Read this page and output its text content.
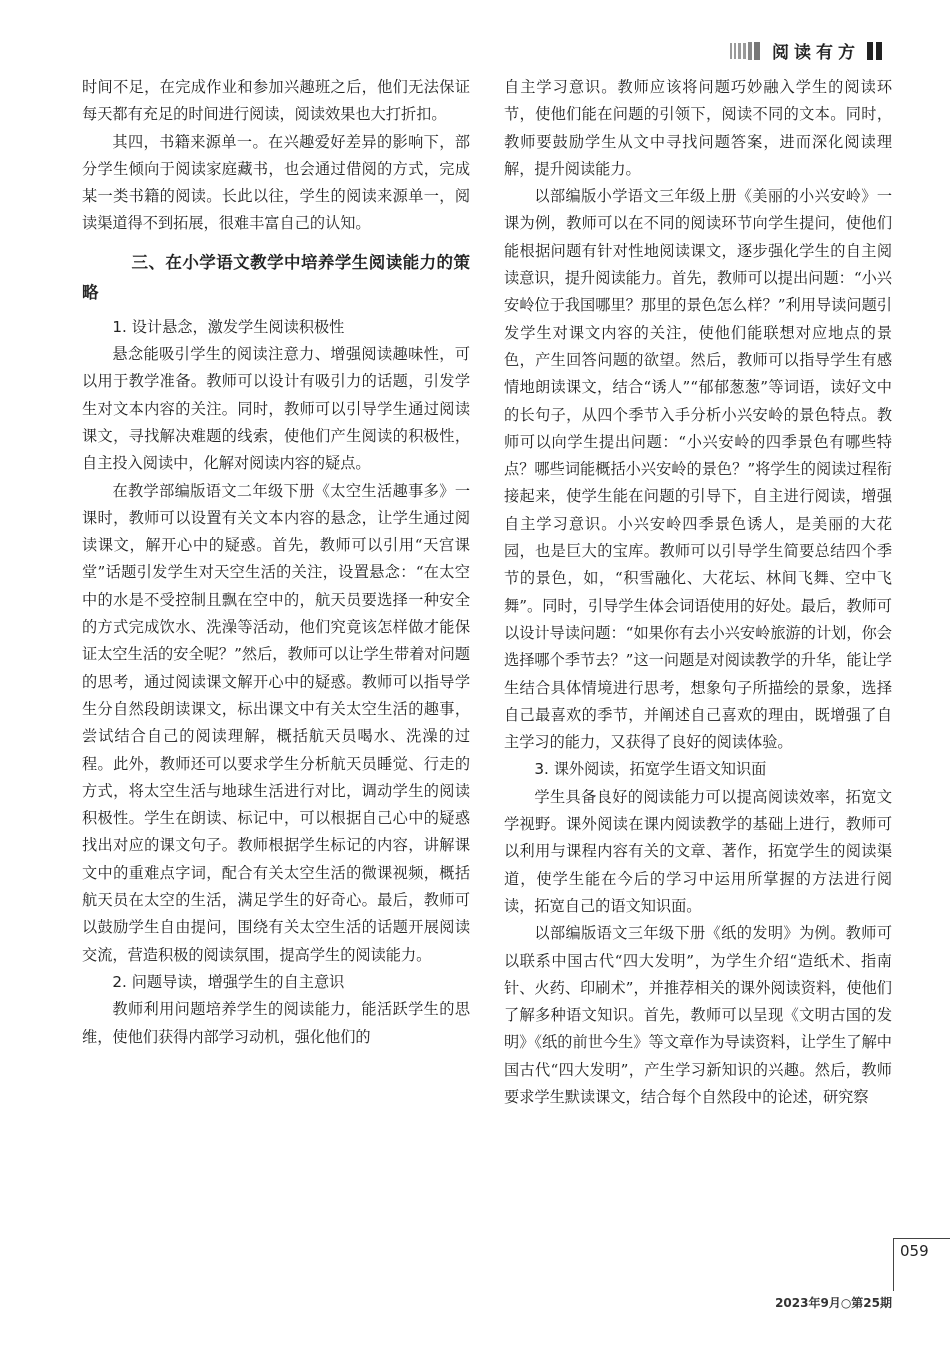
阅读有方

时间不足，在完成作业和参加兴趣班之后，他们无法保证每天都有充足的时间进行阅读，阅读效果也大打折扣。

其四，书籍来源单一。在兴趣爱好差异的影响下，部分学生倾向于阅读家庭藏书，也会通过借阅的方式，完成某一类书籍的阅读。长此以往，学生的阅读来源单一，阅读渠道得不到拓展，很难丰富自己的认知。

三、在小学语文教学中培养学生阅读能力的策略
1. 设计悬念，激发学生阅读积极性

悬念能吸引学生的阅读注意力、增强阅读趣味性，可以用于教学准备。教师可以设计有吸引力的话题，引发学生对文本内容的关注。同时，教师可以引导学生通过阅读课文，寻找解决难题的线索，使他们产生阅读的积极性，自主投入阅读中，化解对阅读内容的疑点。

在教学部编版语文二年级下册《太空生活趣事多》一课时，教师可以设置有关文本内容的悬念，让学生通过阅读课文，解开心中的疑惑。首先，教师可以引用“天宫课堂”话题引发学生对天空生活的关注，设置悬念：“在太空中的水是不受控制且飘在空中的，航天员要选择一种安全的方式完成饮水、洗澡等活动，他们究竟该怎样做才能保证太空生活的安全呢？”然后，教师可以让学生带着对问题的思考，通过阅读课文解开心中的疑惑。教师可以指导学生分自然段朗读课文，标出课文中有关太空生活的趣事，尝试结合自己的阅读理解，概括航天员喝水、洗澡的过程。此外，教师还可以要求学生分析航天员睡觉、行走的方式，将太空生活与地球生活进行对比，调动学生的阅读积极性。学生在朗读、标记中，可以根据自己心中的疑惑找出对应的课文句子。教师根据学生标记的内容，讲解课文中的重难点字词，配合有关太空生活的微课视频，概括航天员在太空的生活，满足学生的好奇心。最后，教师可以鼓励学生自由提问，围绕有关太空生活的话题开展阅读交流，营造积极的阅读氛围，提高学生的阅读能力。

2. 问题导读，增强学生的自主意识

教师利用问题培养学生的阅读能力，能活跃学生的思维，使他们获得内部学习动机，强化他们的

自主学习意识。教师应该将问题巧妙融入学生的阅读环节，使他们能在问题的引领下，阅读不同的文本。同时，教师要鼓励学生从文中寻找问题答案，进而深化阅读理解，提升阅读能力。

以部编版小学语文三年级上册《美丽的小兴安岭》一课为例，教师可以在不同的阅读环节向学生提问，使他们能根据问题有针对性地阅读课文，逐步强化学生的自主阅读意识，提升阅读能力。首先，教师可以提出问题：“小兴安岭位于我国哪里？那里的景色怎么样？”利用导读问题引发学生对课文内容的关注，使他们能联想对应地点的景色，产生回答问题的欲望。然后，教师可以指导学生有感情地朗读课文，结合“诱人”“郁郁葱葱”等词语，读好文中的长句子，从四个季节入手分析小兴安岭的景色特点。教师可以向学生提出问题：“小兴安岭的四季景色有哪些特点？哪些词能概括小兴安岭的景色？”将学生的阅读过程衔接起来，使学生能在问题的引导下，自主进行阅读，增强自主学习意识。小兴安岭四季景色诱人，是美丽的大花园，也是巨大的宝库。教师可以引导学生简要总结四个季节的景色，如，“积雪融化、大花坛、林间飞舞、空中飞舞”。同时，引导学生体会词语使用的好处。最后，教师可以设计导读问题：“如果你有去小兴安岭旅游的计划，你会选择哪个季节去？”这一问题是对阅读教学的升华，能让学生结合具体情境进行思考，想象句子所描绘的景象，选择自己最喜欢的季节，并阐述自己喜欢的理由，既增强了自主学习的能力，又获得了良好的阅读体验。

3. 课外阅读，拓宽学生语文知识面

学生具备良好的阅读能力可以提高阅读效率，拓宽文学视野。课外阅读在课内阅读教学的基础上进行，教师可以利用与课程内容有关的文章、著作，拓宽学生的阅读渠道，使学生能在今后的学习中运用所掌握的方法进行阅读，拓宽自己的语文知识面。

以部编版语文三年级下册《纸的发明》为例。教师可以联系中国古代“四大发明”，为学生介绍“造纸术、指南针、火药、印刷术”，并推荐相关的课外阅读资料，使他们了解多种语文知识。首先，教师可以呈现《文明古国的发明》《纸的前世今生》等文章作为导读资料，让学生了解中国古代“四大发明”，产生学习新知识的兴趣。然后，教师要求学生默读课文，结合每个自然段中的论述，研究察

059
2023年9月○第25期
